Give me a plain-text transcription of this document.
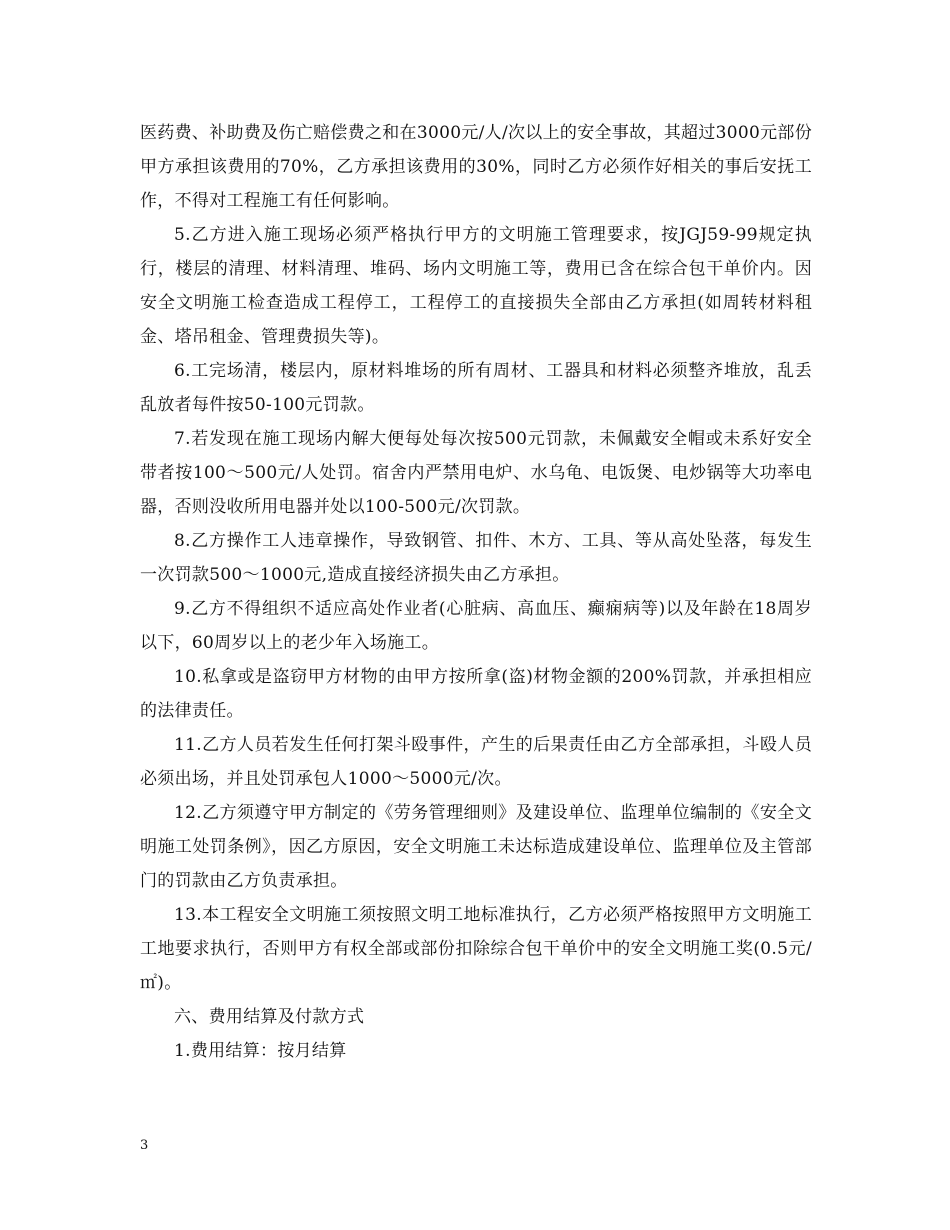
医药费、补助费及伤亡赔偿费之和在3000元/人/次以上的安全事故，其超过3000元部份甲方承担该费用的70%，乙方承担该费用的30%，同时乙方必须作好相关的事后安抚工作，不得对工程施工有任何影响。

5.乙方进入施工现场必须严格执行甲方的文明施工管理要求，按JGJ59-99规定执行，楼层的清理、材料清理、堆码、场内文明施工等，费用已含在综合包干单价内。因安全文明施工检查造成工程停工，工程停工的直接损失全部由乙方承担(如周转材料租金、塔吊租金、管理费损失等)。

6.工完场清，楼层内，原材料堆场的所有周材、工器具和材料必须整齐堆放，乱丢乱放者每件按50-100元罚款。

7.若发现在施工现场内解大便每处每次按500元罚款，未佩戴安全帽或未系好安全带者按100～500元/人处罚。宿舍内严禁用电炉、水乌龟、电饭煲、电炒锅等大功率电器，否则没收所用电器并处以100-500元/次罚款。

8.乙方操作工人违章操作，导致钢管、扣件、木方、工具、等从高处坠落，每发生一次罚款500～1000元,造成直接经济损失由乙方承担。

9.乙方不得组织不适应高处作业者(心脏病、高血压、癫痫病等)以及年龄在18周岁以下，60周岁以上的老少年入场施工。

10.私拿或是盗窃甲方材物的由甲方按所拿(盗)材物金额的200%罚款，并承担相应的法律责任。

11.乙方人员若发生任何打架斗殴事件，产生的后果责任由乙方全部承担，斗殴人员必须出场，并且处罚承包人1000～5000元/次。

12.乙方须遵守甲方制定的《劳务管理细则》及建设单位、监理单位编制的《安全文明施工处罚条例》，因乙方原因，安全文明施工未达标造成建设单位、监理单位及主管部门的罚款由乙方负责承担。

13.本工程安全文明施工须按照文明工地标准执行，乙方必须严格按照甲方文明施工工地要求执行，否则甲方有权全部或部份扣除综合包干单价中的安全文明施工奖(0.5元/㎡)。

六、费用结算及付款方式

1.费用结算：按月结算

3
